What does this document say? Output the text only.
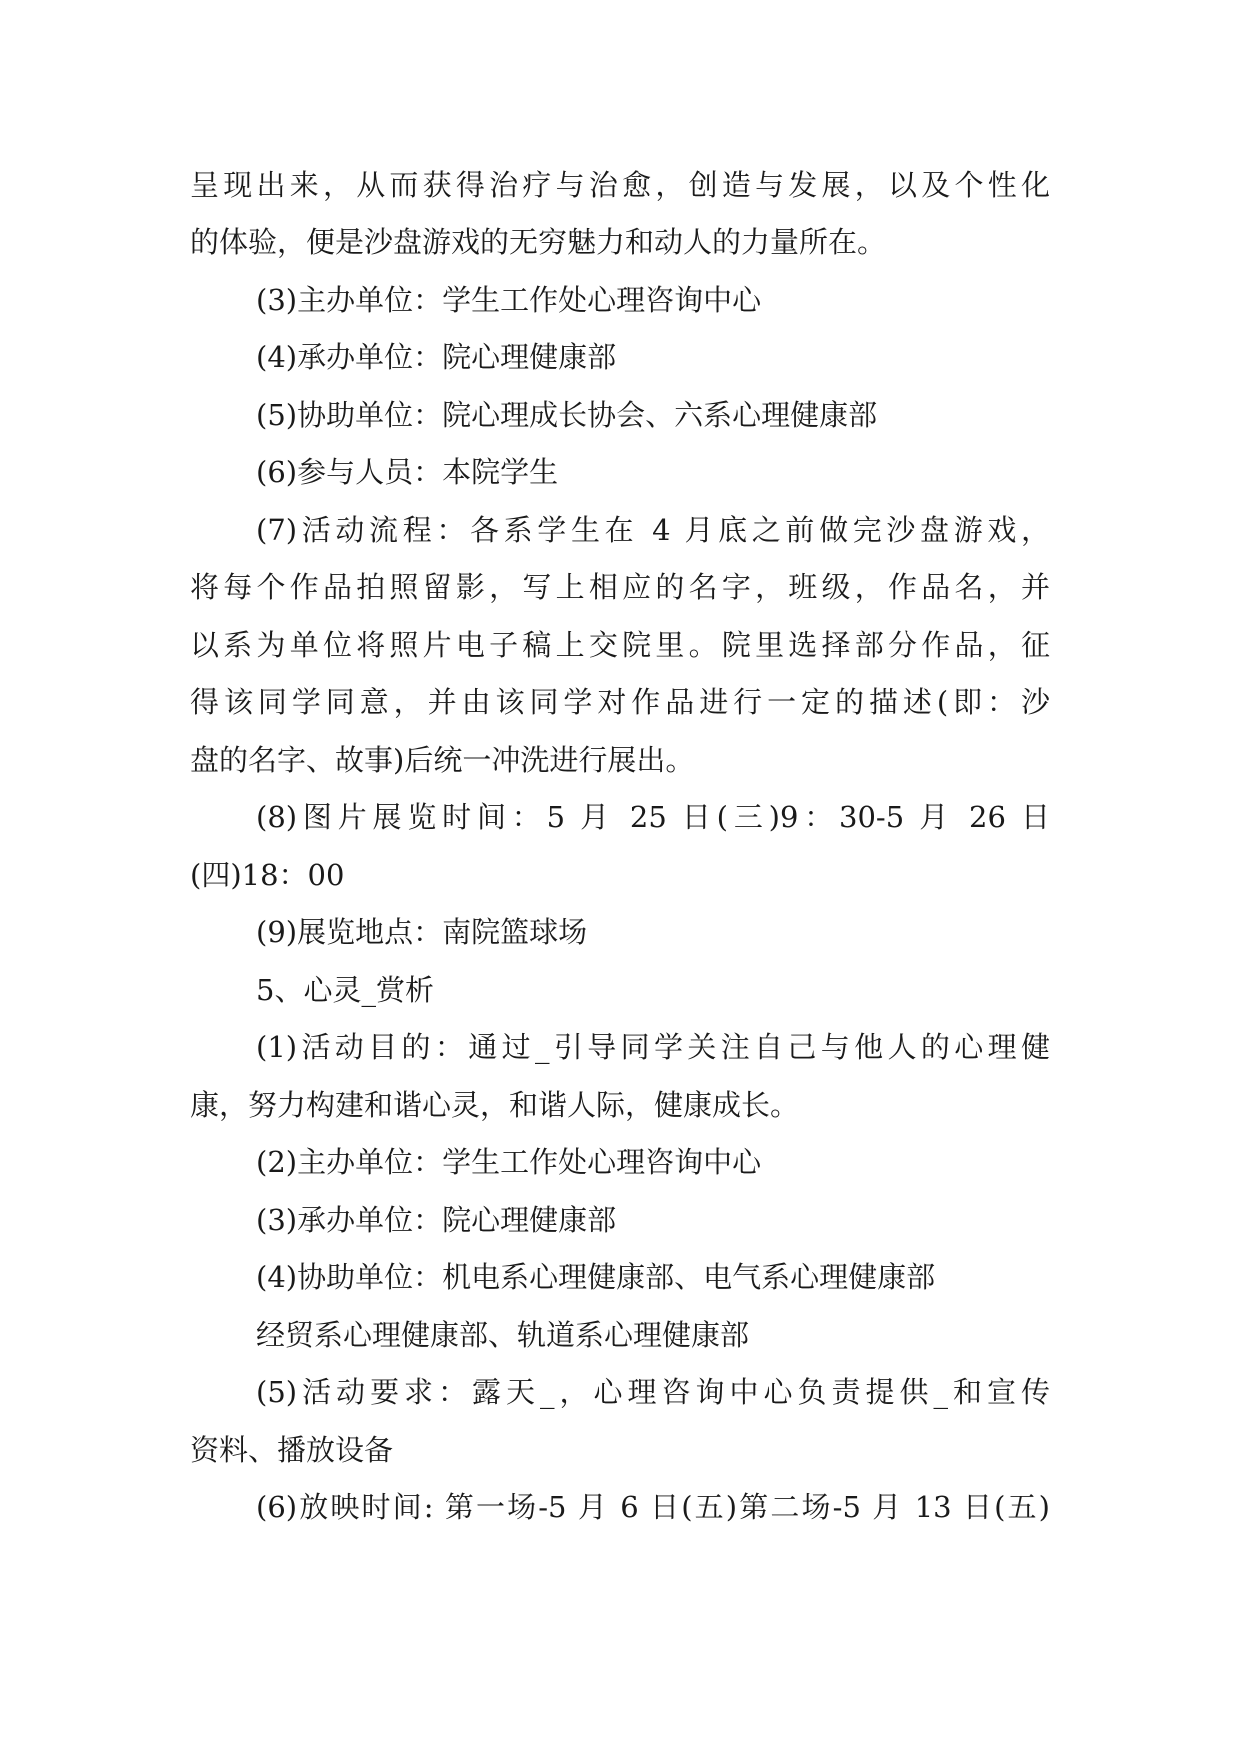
呈现出来，从而获得治疗与治愈，创造与发展，以及个性化
的体验，便是沙盘游戏的无穷魅力和动人的力量所在。
(3)主办单位：学生工作处心理咨询中心
(4)承办单位：院心理健康部
(5)协助单位：院心理成长协会、六系心理健康部
(6)参与人员：本院学生
(7)活动流程：各系学生在 4 月底之前做完沙盘游戏，
将每个作品拍照留影，写上相应的名字，班级，作品名，并
以系为单位将照片电子稿上交院里。院里选择部分作品，征
得该同学同意，并由该同学对作品进行一定的描述(即：沙
盘的名字、故事)后统一冲洗进行展出。
(8)图片展览时间：5 月 25 日(三)9：30-5 月 26 日
(四)18：00
(9)展览地点：南院篮球场
5、心灵_赏析
(1)活动目的：通过_引导同学关注自己与他人的心理健
康，努力构建和谐心灵，和谐人际，健康成长。
(2)主办单位：学生工作处心理咨询中心
(3)承办单位：院心理健康部
(4)协助单位：机电系心理健康部、电气系心理健康部
经贸系心理健康部、轨道系心理健康部
(5)活动要求：露天_，心理咨询中心负责提供_和宣传
资料、播放设备
(6)放映时间: 第一场-5 月 6 日(五)第二场-5 月 13 日(五)
